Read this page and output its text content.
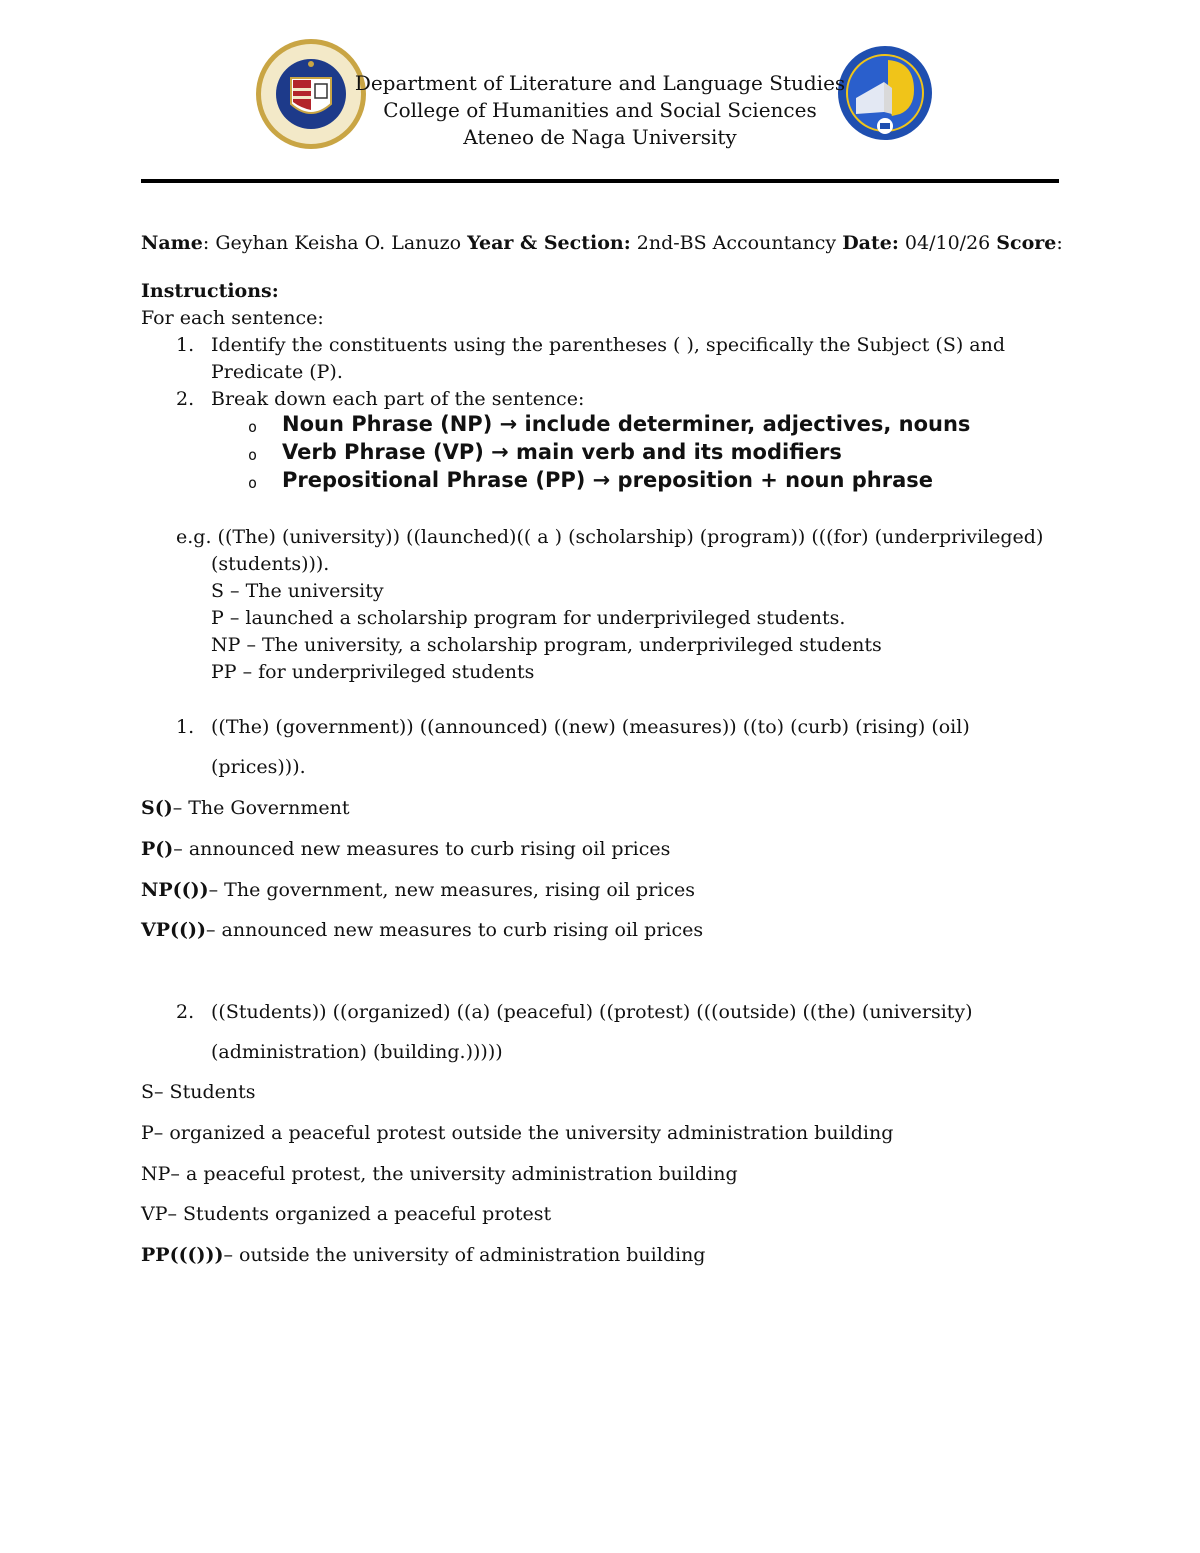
Department of Literature and Language Studies
College of Humanities and Social Sciences
Ateneo de Naga University
Name: Geyhan Keisha O. Lanuzo Year & Section: 2nd-BS Accountancy Date: 04/10/26 Score:
Instructions:
For each sentence:
1. Identify the constituents using the parentheses ( ), specifically the Subject (S) and
Predicate (P).
2. Break down each part of the sentence:
o Noun Phrase (NP) → include determiner, adjectives, nouns
o Verb Phrase (VP) → main verb and its modifiers
o Prepositional Phrase (PP) → preposition + noun phrase
e.g. ((The) (university)) ((launched)(( a ) (scholarship) (program)) (((for) (underprivileged)
(students))).
S – The university
P – launched a scholarship program for underprivileged students.
NP – The university, a scholarship program, underprivileged students
PP – for underprivileged students
1. ((The) (government)) ((announced) ((new) (measures)) ((to) (curb) (rising) (oil)
(prices))).
S()– The Government
P()– announced new measures to curb rising oil prices
NP(())– The government, new measures, rising oil prices
VP(())– announced new measures to curb rising oil prices
2. ((Students)) ((organized) ((a) (peaceful) ((protest) (((outside) ((the) (university)
(administration) (building.)))))
S– Students
P– organized a peaceful protest outside the university administration building
NP– a peaceful protest, the university administration building
VP– Students organized a peaceful protest
PP((()))– outside the university of administration building
